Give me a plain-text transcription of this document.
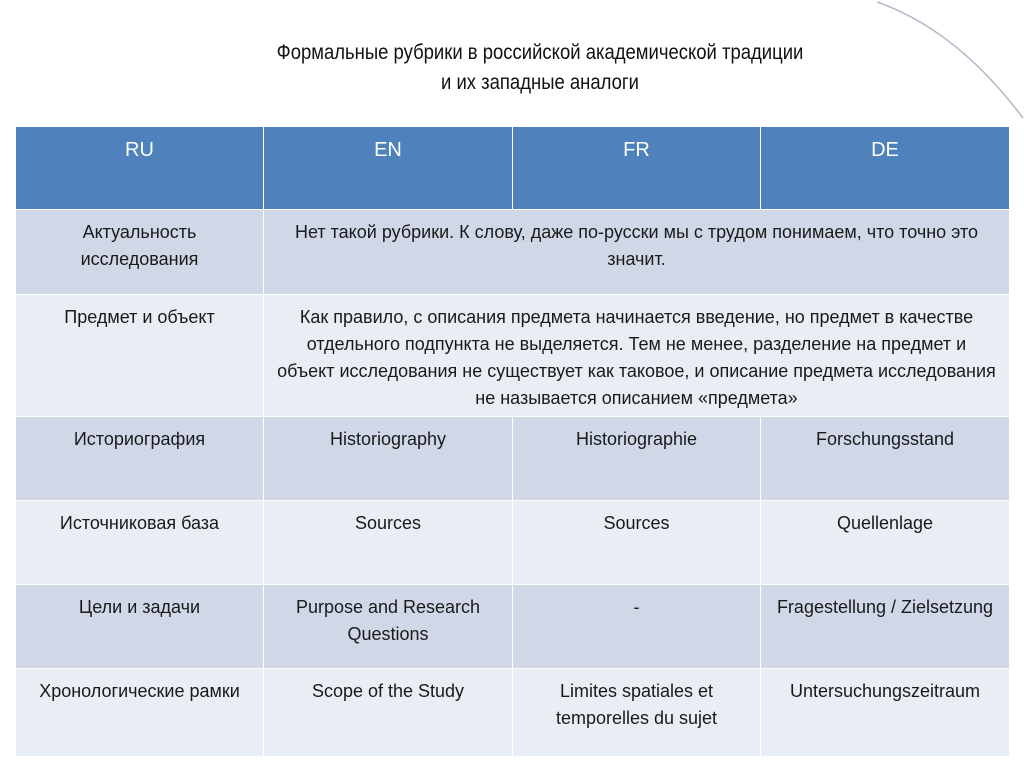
Формальные рубрики в российской академической традиции
и их западные аналоги
RU	EN	FR	DE
Актуальность исследования	Нет такой рубрики. К слову, даже по-русски мы с трудом понимаем, что точно это значит.		
Предмет и объект	Как правило, с описания предмета начинается введение, но предмет в качестве отдельного подпункта не выделяется. Тем не менее, разделение на предмет и объект исследования не существует как таковое, и описание предмета исследования не называется описанием «предмета»		
Историография	Historiography	Historiographie	Forschungsstand
Источниковая база	Sources	Sources	Quellenlage
Цели и задачи	Purpose and Research Questions	-	Fragestellung / Zielsetzung
Хронологические рамки	Scope of the Study	Limites spatiales et temporelles du sujet	Untersuchungszeitraum
